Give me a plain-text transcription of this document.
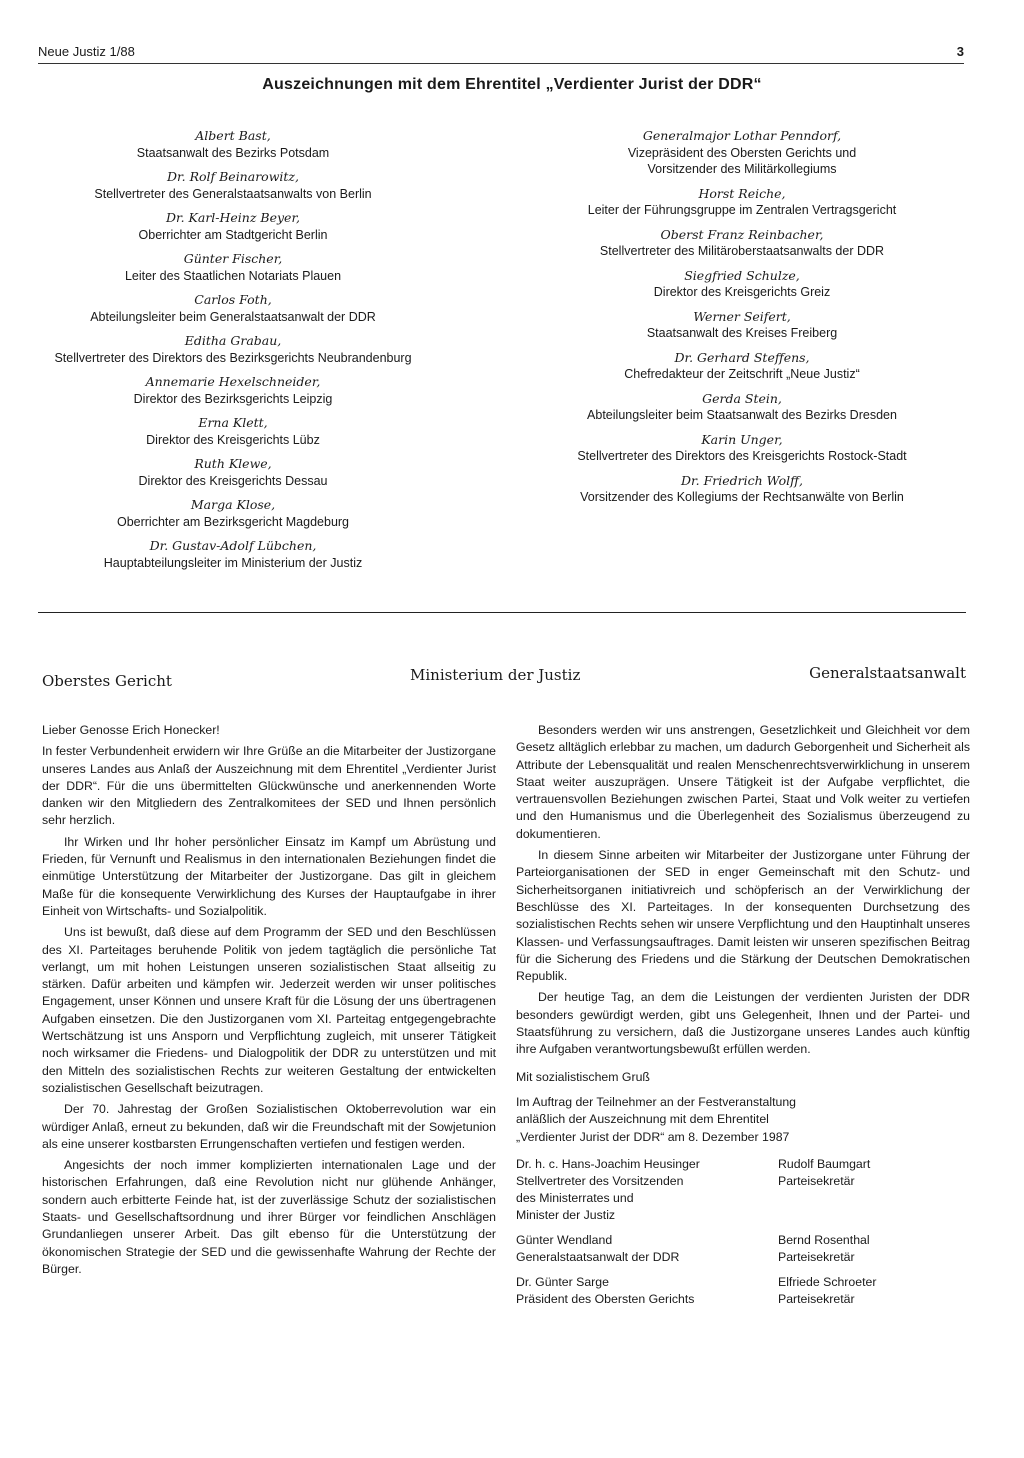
Neue Justiz 1/88	3
Auszeichnungen mit dem Ehrentitel „Verdienter Jurist der DDR“
Albert Bast,
Staatsanwalt des Bezirks Potsdam
Dr. Rolf Beinarowitz,
Stellvertreter des Generalstaatsanwalts von Berlin
Dr. Karl-Heinz Beyer,
Oberrichter am Stadtgericht Berlin
Günter Fischer,
Leiter des Staatlichen Notariats Plauen
Carlos Foth,
Abteilungsleiter beim Generalstaatsanwalt der DDR
Editha Grabau,
Stellvertreter des Direktors des Bezirksgerichts Neubrandenburg
Annemarie Hexelschneider,
Direktor des Bezirksgerichts Leipzig
Erna Klett,
Direktor des Kreisgerichts Lübz
Ruth Klewe,
Direktor des Kreisgerichts Dessau
Marga Klose,
Oberrichter am Bezirksgericht Magdeburg
Dr. Gustav-Adolf Lübchen,
Hauptabteilungsleiter im Ministerium der Justiz
Generalmajor Lothar Penndorf,
Vizepräsident des Obersten Gerichts und
Vorsitzender des Militärkollegiums
Horst Reiche,
Leiter der Führungsgruppe im Zentralen Vertragsgericht
Oberst Franz Reinbacher,
Stellvertreter des Militäroberstaatsanwalts der DDR
Siegfried Schulze,
Direktor des Kreisgerichts Greiz
Werner Seifert,
Staatsanwalt des Kreises Freiberg
Dr. Gerhard Steffens,
Chefredakteur der Zeitschrift „Neue Justiz“
Gerda Stein,
Abteilungsleiter beim Staatsanwalt des Bezirks Dresden
Karin Unger,
Stellvertreter des Direktors des Kreisgerichts Rostock-Stadt
Dr. Friedrich Wolff,
Vorsitzender des Kollegiums der Rechtsanwälte von Berlin
Oberstes Gericht	Ministerium der Justiz	Generalstaatsanwalt
Lieber Genosse Erich Honecker!

In fester Verbundenheit erwidern wir Ihre Grüße an die Mitarbeiter der Justizorgane unseres Landes aus Anlaß der Auszeichnung mit dem Ehrentitel „Verdienter Jurist der DDR“. Für die uns übermittelten Glückwünsche und anerkennenden Worte danken wir den Mitgliedern des Zentralkomitees der SED und Ihnen persönlich sehr herzlich.

Ihr Wirken und Ihr hoher persönlicher Einsatz im Kampf um Abrüstung und Frieden, für Vernunft und Realismus in den internationalen Beziehungen findet die einmütige Unterstützung der Mitarbeiter der Justizorgane. Das gilt in gleichem Maße für die konsequente Verwirklichung des Kurses der Hauptaufgabe in ihrer Einheit von Wirtschafts- und Sozialpolitik.

Uns ist bewußt, daß diese auf dem Programm der SED und den Beschlüssen des XI. Parteitages beruhende Politik von jedem tagtäglich die persönliche Tat verlangt, um mit hohen Leistungen unseren sozialistischen Staat allseitig zu stärken. Dafür arbeiten und kämpfen wir. Jederzeit werden wir unser politisches Engagement, unser Können und unsere Kraft für die Lösung der uns übertragenen Aufgaben einsetzen. Die den Justizorganen vom XI. Parteitag entgegengebrachte Wertschätzung ist uns Ansporn und Verpflichtung zugleich, mit unserer Tätigkeit noch wirksamer die Friedens- und Dialogpolitik der DDR zu unterstützen und mit den Mitteln des sozialistischen Rechts zur weiteren Gestaltung der entwickelten sozialistischen Gesellschaft beizutragen.

Der 70. Jahrestag der Großen Sozialistischen Oktoberrevolution war ein würdiger Anlaß, erneut zu bekunden, daß wir die Freundschaft mit der Sowjetunion als eine unserer kostbarsten Errungenschaften vertiefen und festigen werden.

Angesichts der noch immer komplizierten internationalen Lage und der historischen Erfahrungen, daß eine Revolution nicht nur glühende Anhänger, sondern auch erbitterte Feinde hat, ist der zuverlässige Schutz der sozialistischen Staats- und Gesellschaftsordnung und ihrer Bürger vor feindlichen Anschlägen Grundanliegen unserer Arbeit. Das gilt ebenso für die Unterstützung der ökonomischen Strategie der SED und die gewissenhafte Wahrung der Rechte der Bürger.

Besonders werden wir uns anstrengen, Gesetzlichkeit und Gleichheit vor dem Gesetz alltäglich erlebbar zu machen, um dadurch Geborgenheit und Sicherheit als Attribute der Lebensqualität und realen Menschenrechtsverwirklichung in unserem Staat weiter auszuprägen. Unsere Tätigkeit ist der Aufgabe verpflichtet, die vertrauensvollen Beziehungen zwischen Partei, Staat und Volk weiter zu vertiefen und den Humanismus und die Überlegenheit des Sozialismus überzeugend zu dokumentieren.

In diesem Sinne arbeiten wir Mitarbeiter der Justizorgane unter Führung der Parteiorganisationen der SED in enger Gemeinschaft mit den Schutz- und Sicherheitsorganen initiativreich und schöpferisch an der Verwirklichung der Beschlüsse des XI. Parteitages. In der konsequenten Durchsetzung des sozialistischen Rechts sehen wir unsere Verpflichtung und den Hauptinhalt unseres Klassen- und Verfassungsauftrages. Damit leisten wir unseren spezifischen Beitrag für die Sicherung des Friedens und die Stärkung der Deutschen Demokratischen Republik.

Der heutige Tag, an dem die Leistungen der verdienten Juristen der DDR besonders gewürdigt werden, gibt uns Gelegenheit, Ihnen und der Partei- und Staatsführung zu versichern, daß die Justizorgane unseres Landes auch künftig ihre Aufgaben verantwortungsbewußt erfüllen werden.

Mit sozialistischem Gruß
Im Auftrag der Teilnehmer an der Festveranstaltung
anläßlich der Auszeichnung mit dem Ehrentitel
„Verdienter Jurist der DDR“ am 8. Dezember 1987
Dr. h. c. Hans-Joachim Heusinger
Stellvertreter des Vorsitzenden
des Ministerrates und
Minister der Justiz
Rudolf Baumgart
Parteisekretär
Günter Wendland
Generalstaatsanwalt der DDR
Bernd Rosenthal
Parteisekretär
Dr. Günter Sarge
Präsident des Obersten Gerichts
Elfriede Schroeter
Parteisekretär
